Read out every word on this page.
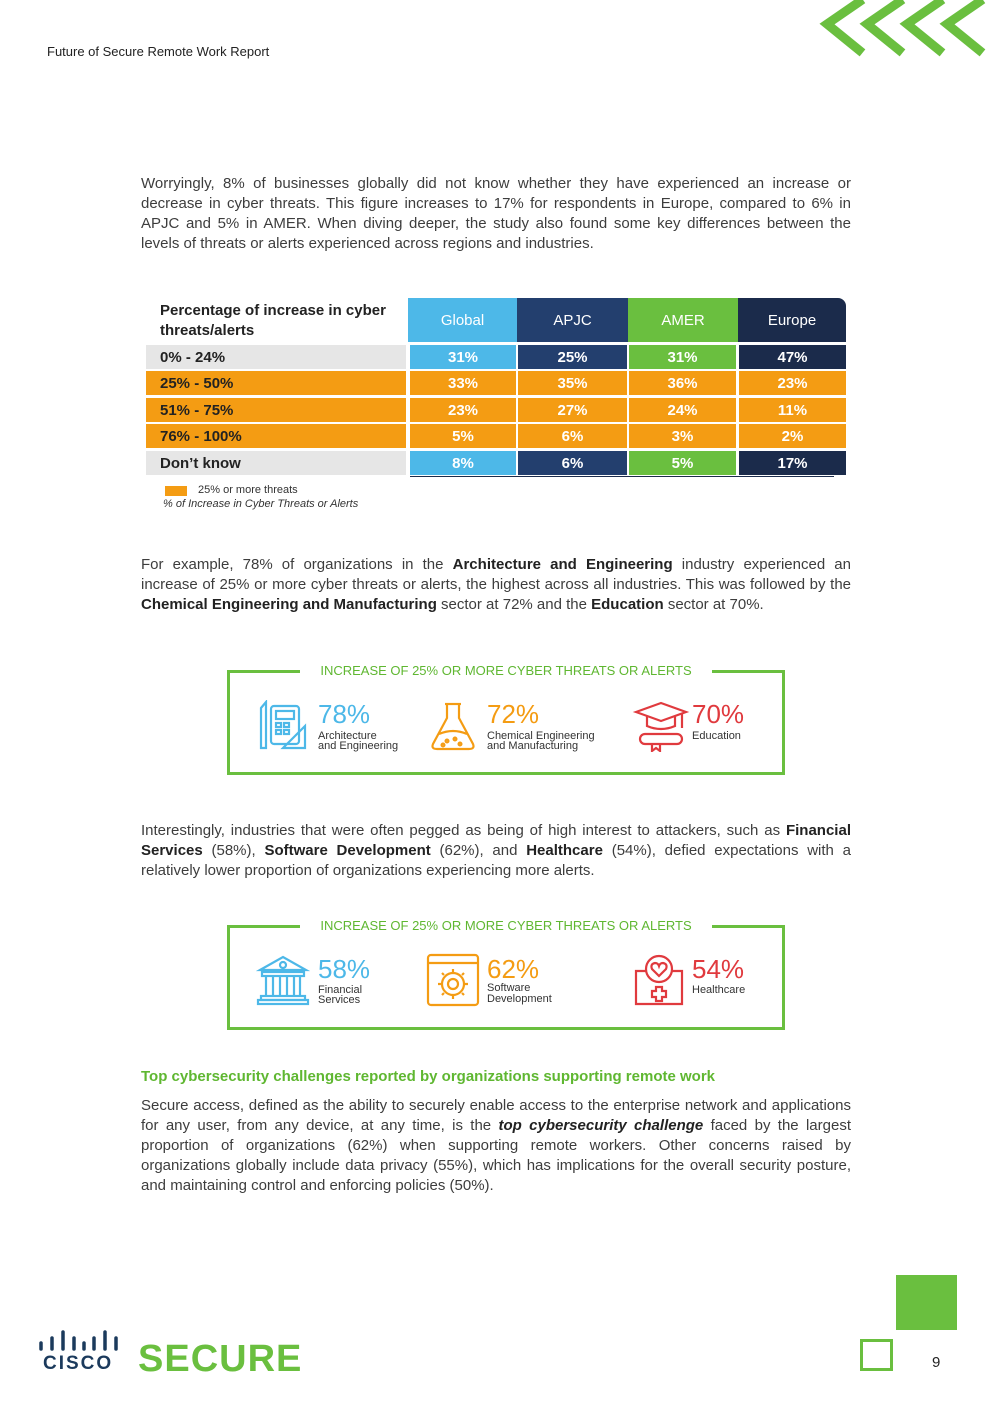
Future of Secure Remote Work Report
Worryingly, 8% of businesses globally did not know whether they have experienced an increase or decrease in cyber threats. This figure increases to 17% for respondents in Europe, compared to 6% in APJC and 5% in AMER. When diving deeper, the study also found some key differences between the levels of threats or alerts experienced across regions and industries.
Percentage of increase in cyber threats/alerts
Global	APJC	AMER	Europe
0% - 24%	31%	25%	31%	47%
25% - 50%	33%	35%	36%	23%
51% - 75%	23%	27%	24%	11%
76% - 100%	5%	6%	3%	2%
Don’t know	8%	6%	5%	17%
25% or more threats
% of Increase in Cyber Threats or Alerts
For example, 78% of organizations in the Architecture and Engineering industry experienced an increase of 25% or more cyber threats or alerts, the highest across all industries. This was followed by the Chemical Engineering and Manufacturing sector at 72% and the Education sector at 70%.
INCREASE OF 25% OR MORE CYBER THREATS OR ALERTS
78%
Architecture
and Engineering
72%
Chemical Engineering
and Manufacturing
70%
Education
Interestingly, industries that were often pegged as being of high interest to attackers, such as Financial Services (58%), Software Development (62%), and Healthcare (54%), defied expectations with a relatively lower proportion of organizations experiencing more alerts.
INCREASE OF 25% OR MORE CYBER THREATS OR ALERTS
58%
Financial
Services
62%
Software
Development
54%
Healthcare
Top cybersecurity challenges reported by organizations supporting remote work
Secure access, defined as the ability to securely enable access to the enterprise network and applications for any user, from any device, at any time, is the top cybersecurity challenge faced by the largest proportion of organizations (62%) when supporting remote workers. Other concerns raised by organizations globally include data privacy (55%), which has implications for the overall security posture, and maintaining control and enforcing policies (50%).
CISCO SECURE	9
